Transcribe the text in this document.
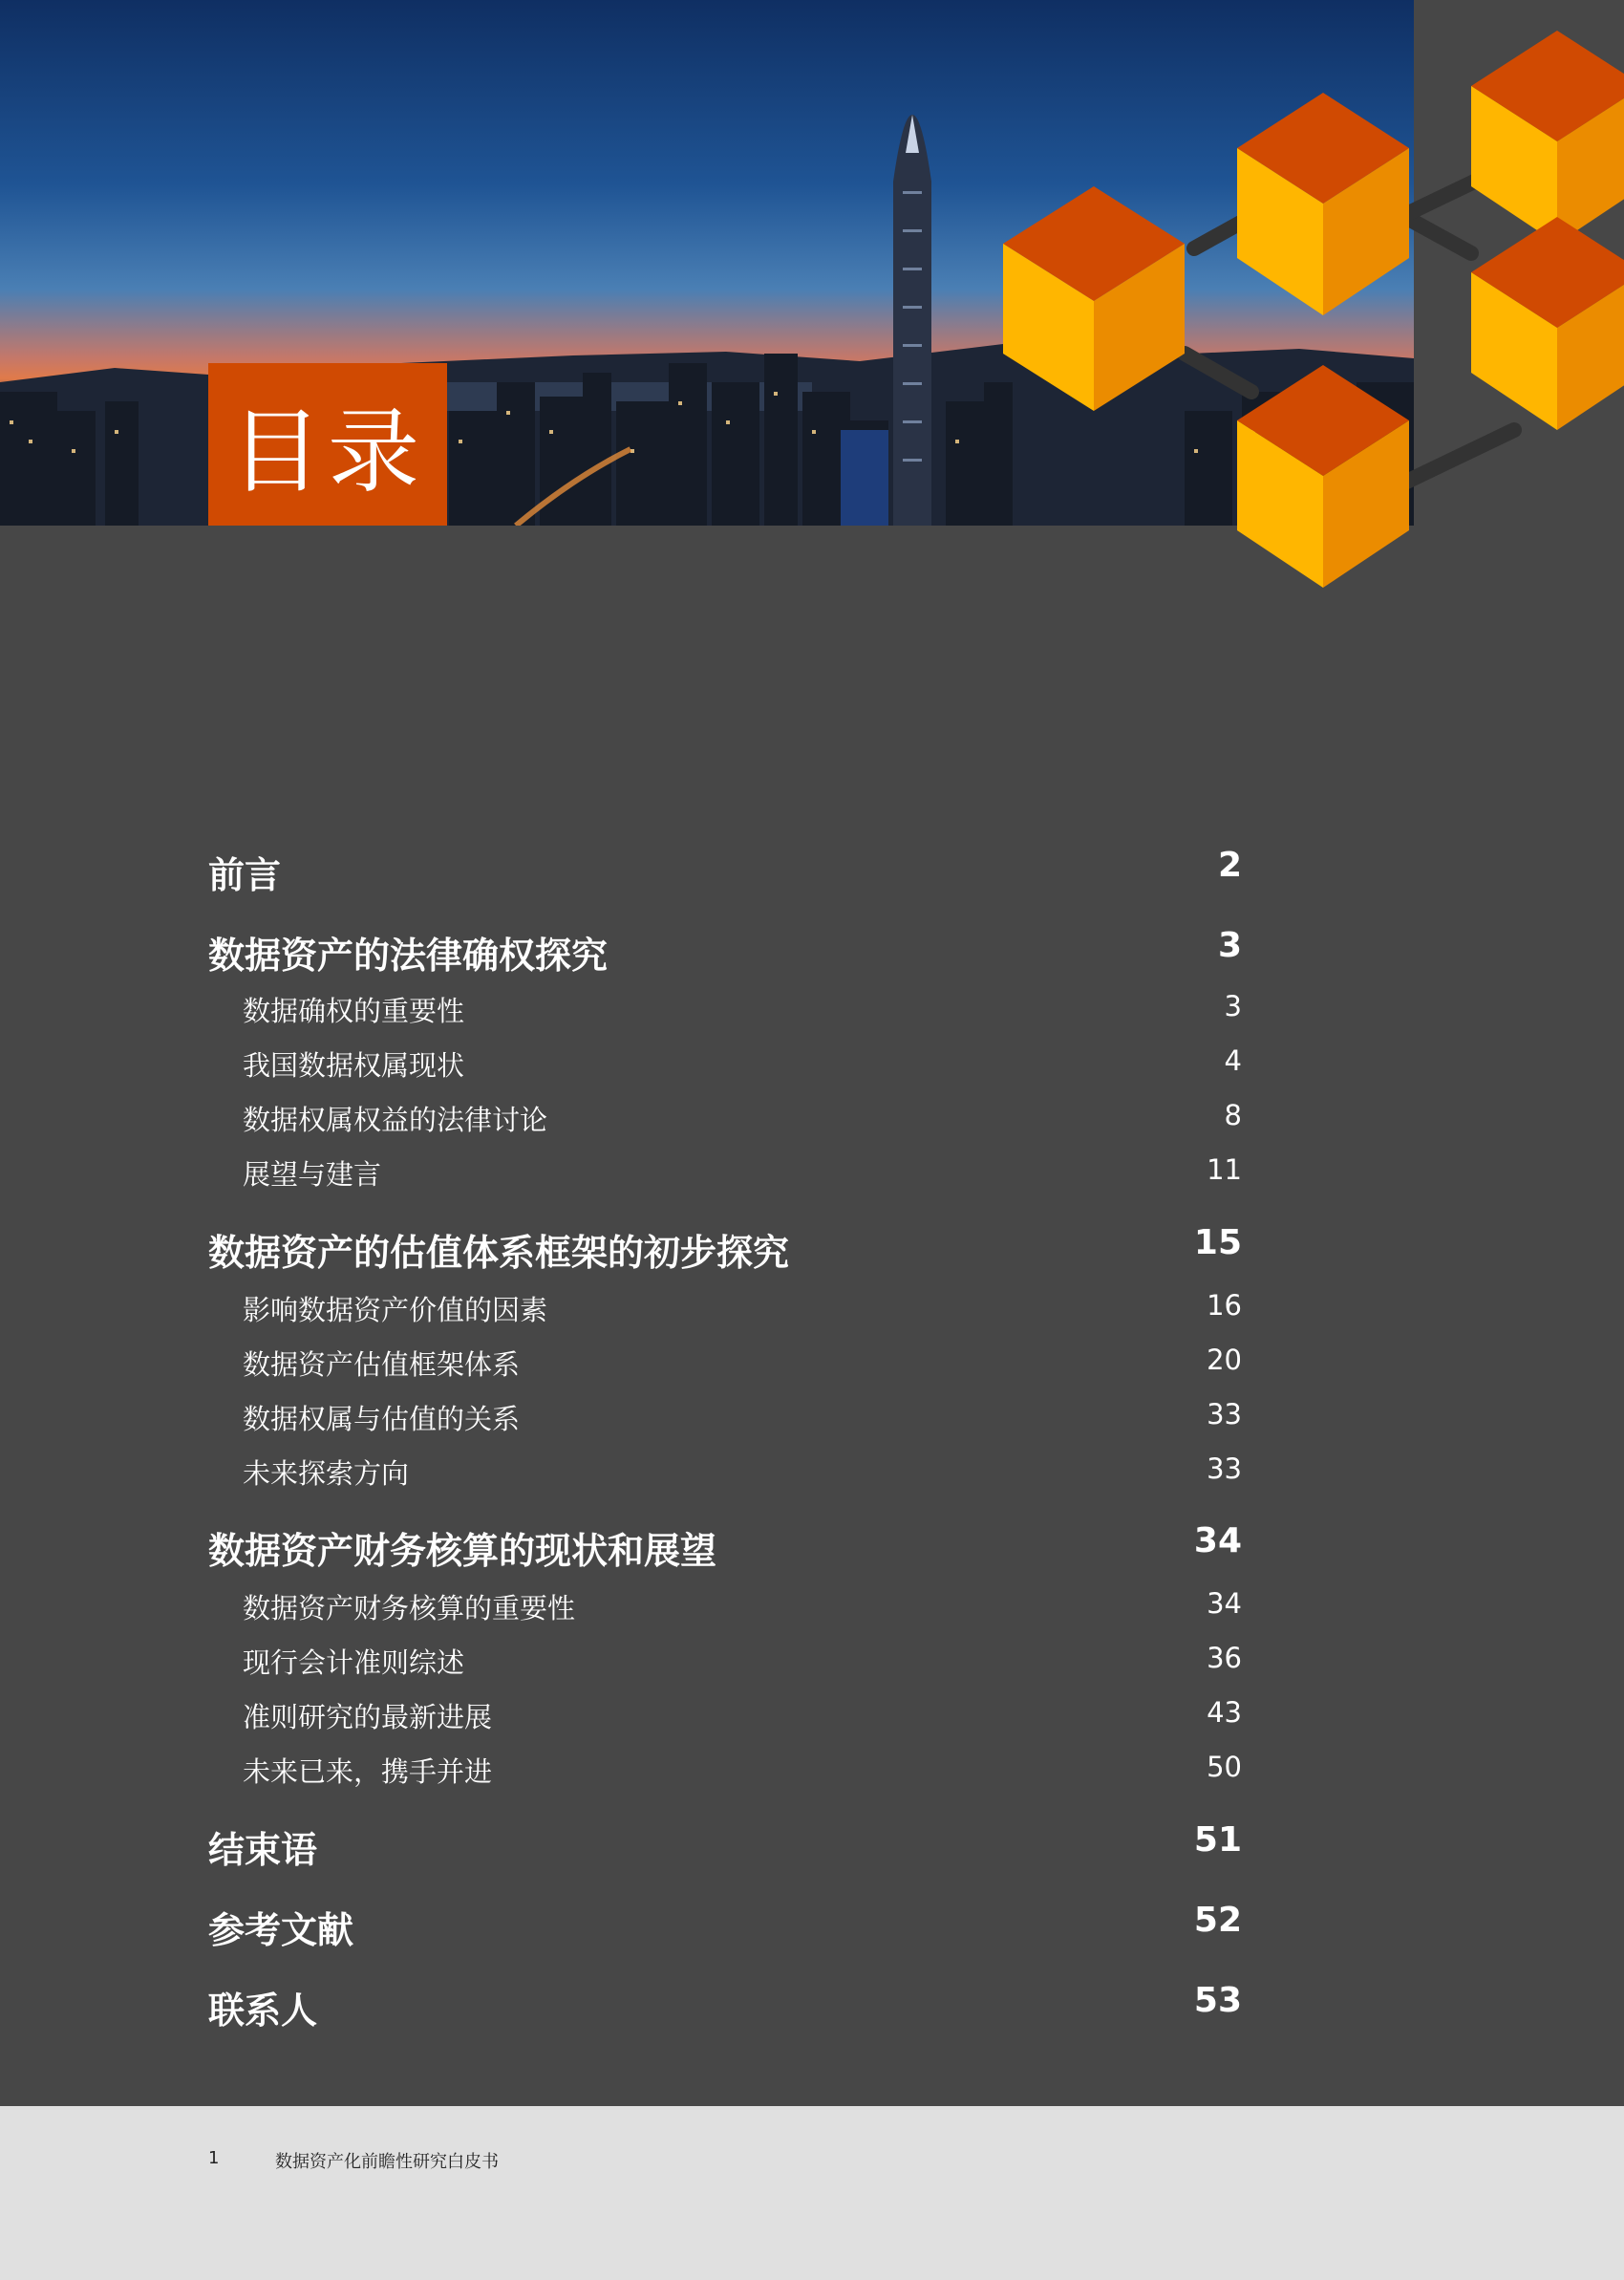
目录
前言	2
数据资产的法律确权探究	3
数据确权的重要性	3
我国数据权属现状	4
数据权属权益的法律讨论	8
展望与建言	11
数据资产的估值体系框架的初步探究	15
影响数据资产价值的因素	16
数据资产估值框架体系	20
数据权属与估值的关系	33
未来探索方向	33
数据资产财务核算的现状和展望	34
数据资产财务核算的重要性	34
现行会计准则综述	36
准则研究的最新进展	43
未来已来，携手并进	50
结束语	51
参考文献	52
联系人	53
1	数据资产化前瞻性研究白皮书
